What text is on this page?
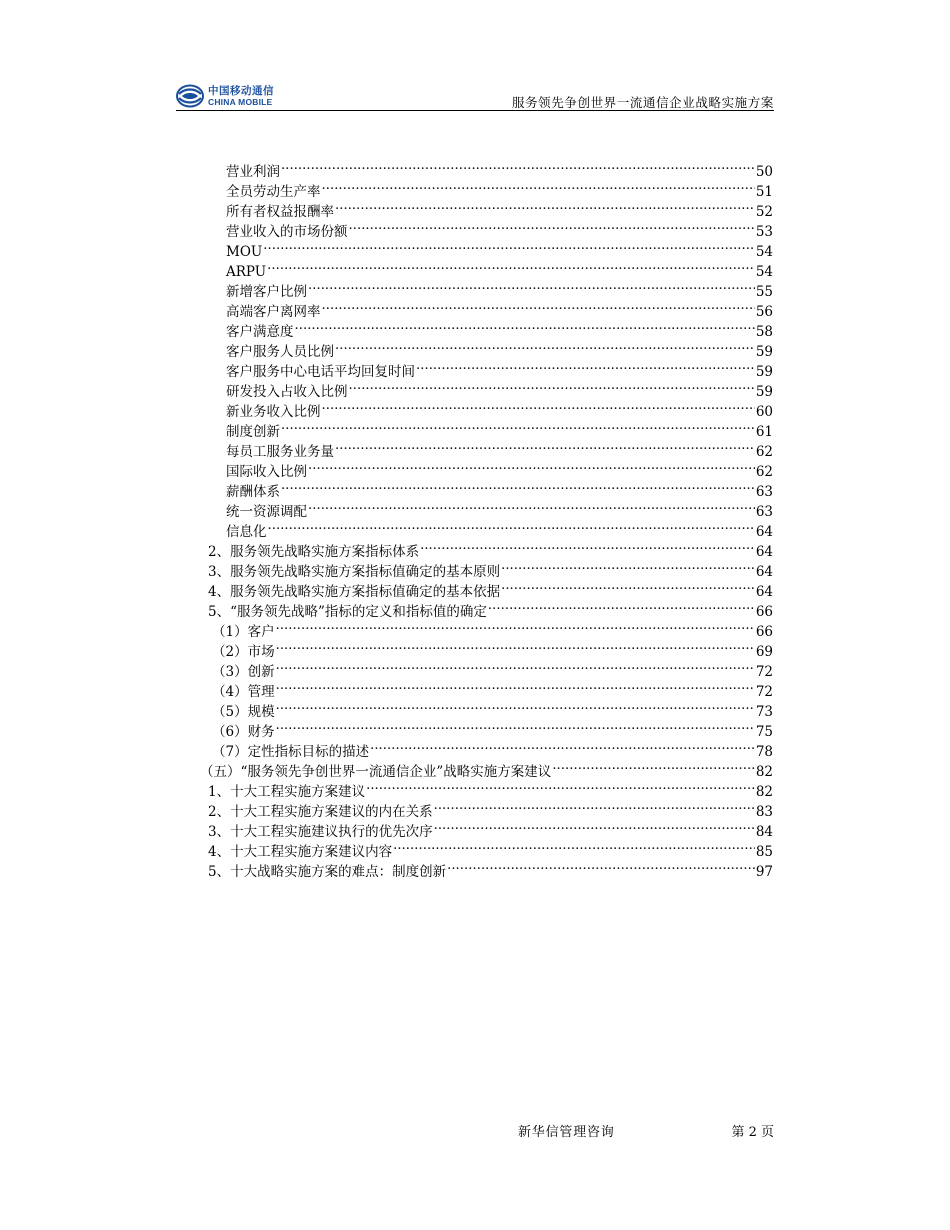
中国移动通信
CHINA MOBILE	服务领先争创世界一流通信企业战略实施方案
营业利润 .....	50
全员劳动生产率 .....	51
所有者权益报酬率 .....	52
营业收入的市场份额 .....	53
MOU .....	54
ARPU .....	54
新增客户比例 .....	55
高端客户离网率 .....	56
客户满意度 .....	58
客户服务人员比例 .....	59
客户服务中心电话平均回复时间 .....	59
研发投入占收入比例 .....	59
新业务收入比例 .....	60
制度创新 .....	61
每员工服务业务量 .....	62
国际收入比例 .....	62
薪酬体系 .....	63
统一资源调配 .....	63
信息化 .....	64
2、服务领先战略实施方案指标体系 .....	64
3、服务领先战略实施方案指标值确定的基本原则 .....	64
4、服务领先战略实施方案指标值确定的基本依据 .....	64
5、“服务领先战略”指标的定义和指标值的确定 .....	66
（1）客户 .....	66
（2）市场 .....	69
（3）创新 .....	72
（4）管理 .....	72
（5）规模 .....	73
（6）财务 .....	75
（7）定性指标目标的描述 .....	78
（五）“服务领先争创世界一流通信企业”战略实施方案建议 .....	82
1、十大工程实施方案建议 .....	82
2、十大工程实施方案建议的内在关系 .....	83
3、十大工程实施建议执行的优先次序 .....	84
4、十大工程实施方案建议内容 .....	85
5、十大战略实施方案的难点：制度创新 .....	97
新华信管理咨询	第 2 页
